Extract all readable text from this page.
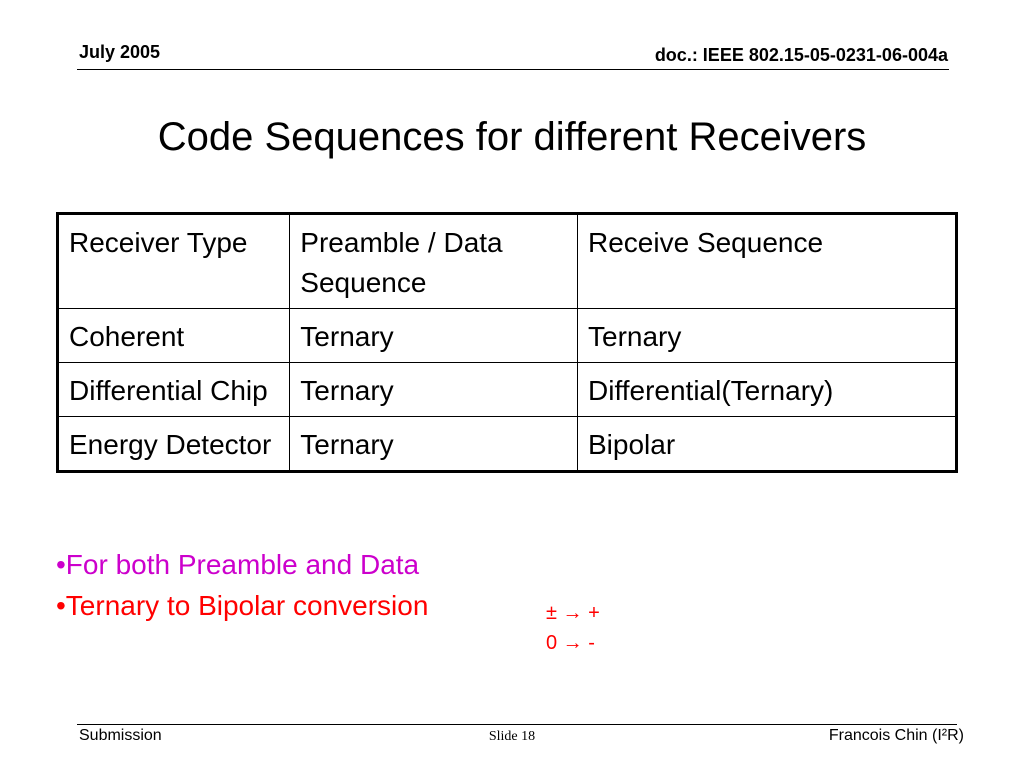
July 2005	doc.: IEEE 802.15-05-0231-06-004a
Code Sequences for different Receivers
Receiver Type	Preamble / Data Sequence	Receive Sequence
Coherent	Ternary	Ternary
Differential Chip	Ternary	Differential(Ternary)
Energy Detector	Ternary	Bipolar
•For both Preamble and Data
•Ternary to Bipolar conversion	± → +
0 → -
Submission	Slide 18	Francois Chin (I²R)
